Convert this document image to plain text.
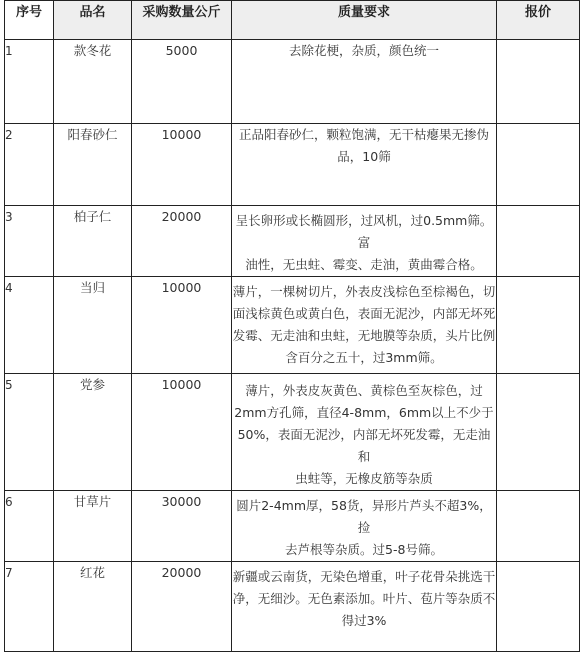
序号	品名	采购数量公斤	质量要求	报价
1	款冬花	5000	去除花梗，杂质，颜色统一	

2	阳春砂仁	10000	正品阳春砂仁，颗粒饱满，无干枯瘪果无掺伪
品，10筛	

3	柏子仁	20000	呈长卵形或长椭圆形，过风机，过0.5mm筛。富
油性，无虫蛀、霉变、走油，黄曲霉合格。	

4	当归	10000	薄片，一棵树切片，外表皮浅棕色至棕褐色，切
面浅棕黄色或黄白色，表面无泥沙，内部无坏死
发霉、无走油和虫蛀，无地膜等杂质，头片比例
含百分之五十，过3mm筛。	

5	党参	10000	薄片，外表皮灰黄色、黄棕色至灰棕色，过
2mm方孔筛，直径4-8mm，6mm以上不少于
50%，表面无泥沙，内部无坏死发霉，无走油和
虫蛀等，无橡皮筋等杂质	

6	甘草片	30000	圆片2-4mm厚，58货，异形片芦头不超3%，捡
去芦根等杂质。过5-8号筛。	

7	红花	20000	新疆或云南货，无染色增重，叶子花骨朵挑选干
净，无细沙。无色素添加。叶片、苞片等杂质不
得过3%	
